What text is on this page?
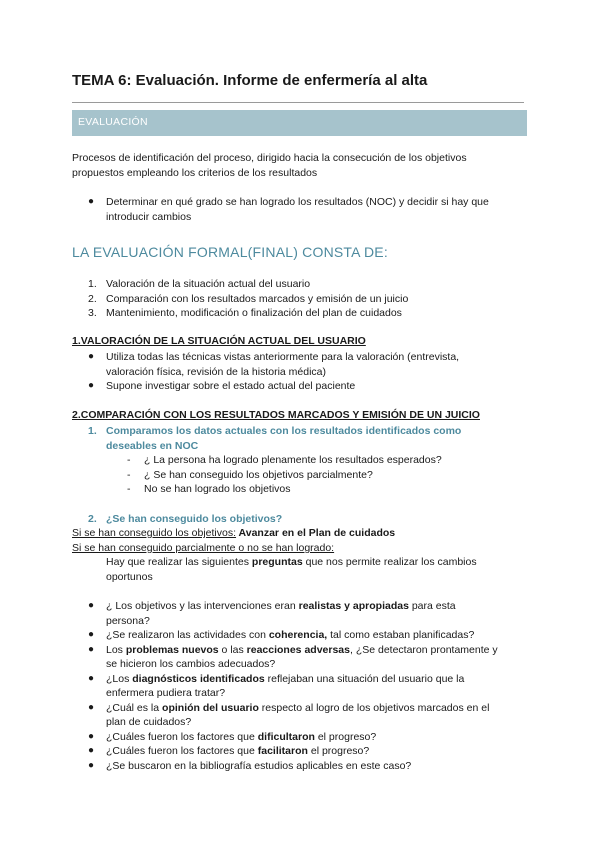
TEMA 6: Evaluación. Informe de enfermería al alta
EVALUACIÓN
Procesos de identificación del proceso, dirigido hacia la consecución de los objetivos
propuestos empleando los criterios de los resultados
● Determinar en qué grado se han logrado los resultados (NOC) y decidir si hay que
introducir cambios
LA EVALUACIÓN FORMAL(FINAL) CONSTA DE:
1. Valoración de la situación actual del usuario
2. Comparación con los resultados marcados y emisión de un juicio
3. Mantenimiento, modificación o finalización del plan de cuidados
1.VALORACIÓN DE LA SITUACIÓN ACTUAL DEL USUARIO
● Utiliza todas las técnicas vistas anteriormente para la valoración (entrevista,
valoración física, revisión de la historia médica)
● Supone investigar sobre el estado actual del paciente
2.COMPARACIÓN CON LOS RESULTADOS MARCADOS Y EMISIÓN DE UN JUICIO
1. Comparamos los datos actuales con los resultados identificados como
deseables en NOC
- ¿ La persona ha logrado plenamente los resultados esperados?
- ¿ Se han conseguido los objetivos parcialmente?
- No se han logrado los objetivos
2. ¿Se han conseguido los objetivos?
Si se han conseguido los objetivos: Avanzar en el Plan de cuidados
Si se han conseguido parcialmente o no se han logrado:
Hay que realizar las siguientes preguntas que nos permite realizar los cambios
oportunos
● ¿ Los objetivos y las intervenciones eran realistas y apropiadas para esta
persona?
● ¿Se realizaron las actividades con coherencia, tal como estaban planificadas?
● Los problemas nuevos o las reacciones adversas, ¿Se detectaron prontamente y
se hicieron los cambios adecuados?
● ¿Los diagnósticos identificados reflejaban una situación del usuario que la
enfermera pudiera tratar?
● ¿Cuál es la opinión del usuario respecto al logro de los objetivos marcados en el
plan de cuidados?
● ¿Cuáles fueron los factores que dificultaron el progreso?
● ¿Cuáles fueron los factores que facilitaron el progreso?
● ¿Se buscaron en la bibliografía estudios aplicables en este caso?
